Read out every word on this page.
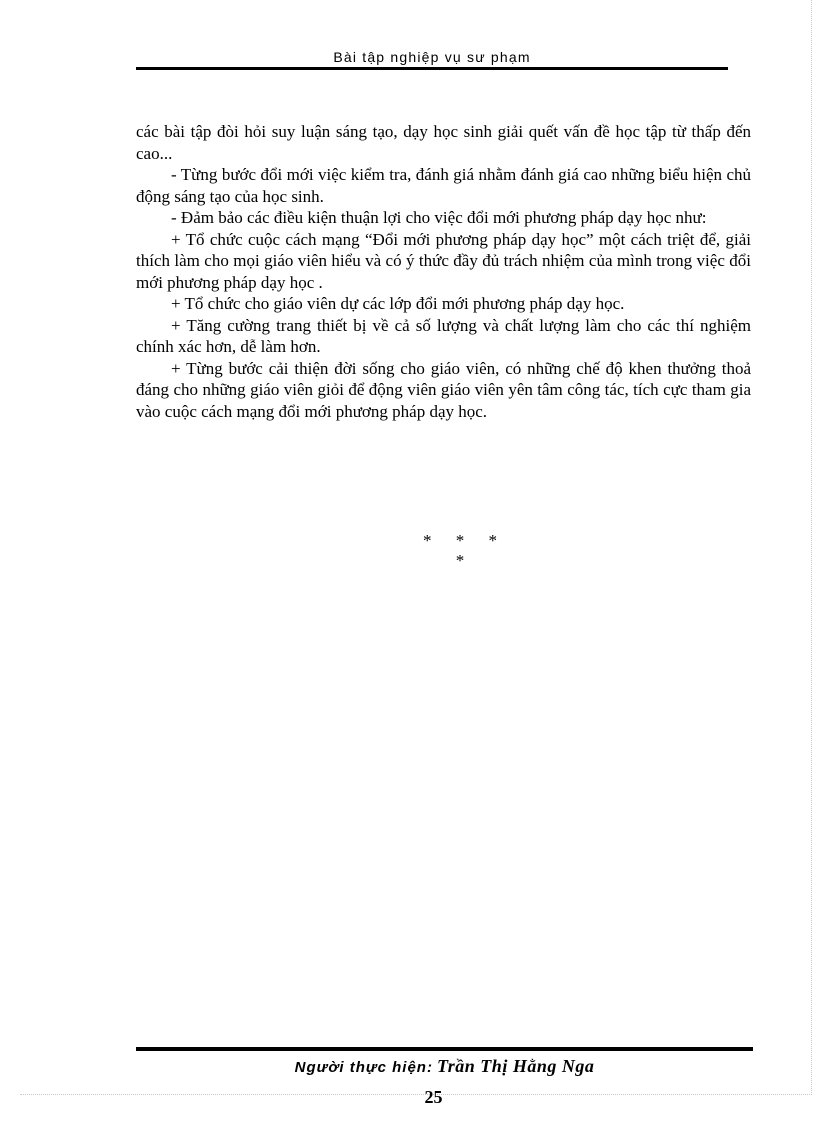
Bài tập nghiệp vụ sư phạm

các bài tập đòi hỏi suy luận sáng tạo, dạy học sinh giải quết vấn đề học tập từ thấp đến cao...

- Từng bước đổi mới việc kiểm tra, đánh giá nhằm đánh giá cao những biểu hiện chủ động sáng tạo của học sinh.

- Đảm bảo các điều kiện thuận lợi cho việc đổi mới phương pháp dạy học như:

+ Tổ chức cuộc cách mạng “Đổi mới phương pháp dạy học” một cách triệt để, giải thích làm cho mọi giáo viên hiểu và có ý thức đầy đủ trách nhiệm của mình trong việc đổi mới phương pháp dạy học .

+ Tổ chức cho giáo viên dự các lớp đổi mới phương pháp dạy học.

+ Tăng cường trang thiết bị về cả số lượng và chất lượng làm cho các thí nghiệm chính xác hơn, dễ làm hơn.

+ Từng bước cải thiện đời sống cho giáo viên, có những chế độ khen thưởng thoả đáng cho những giáo viên giỏi để động viên giáo viên yên tâm công tác, tích cực tham gia vào cuộc cách mạng đổi mới phương pháp dạy học.

* * *
*
Người thực hiện: Trần Thị Hằng Nga
25
